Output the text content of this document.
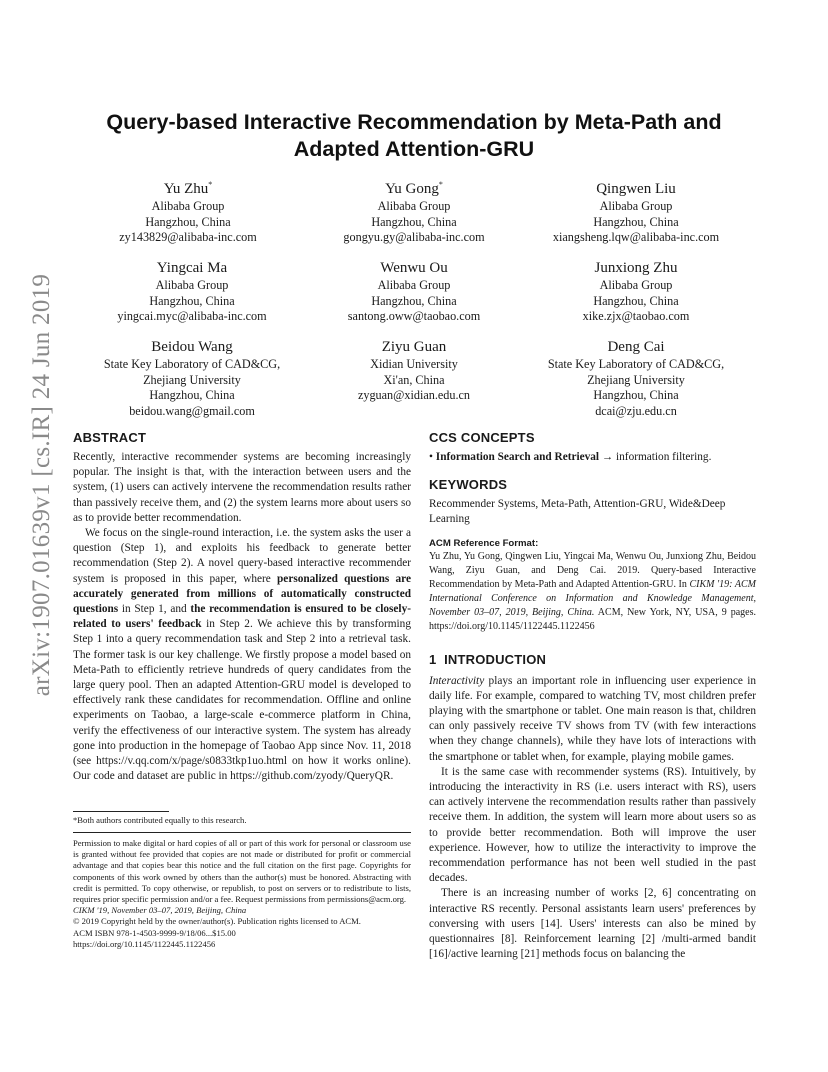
arXiv:1907.01639v1 [cs.IR] 24 Jun 2019
Query-based Interactive Recommendation by Meta-Path and Adapted Attention-GRU
Yu Zhu*
Alibaba Group
Hangzhou, China
zy143829@alibaba-inc.com
Yu Gong*
Alibaba Group
Hangzhou, China
gongyu.gy@alibaba-inc.com
Qingwen Liu
Alibaba Group
Hangzhou, China
xiangsheng.lqw@alibaba-inc.com
Yingcai Ma
Alibaba Group
Hangzhou, China
yingcai.myc@alibaba-inc.com
Wenwu Ou
Alibaba Group
Hangzhou, China
santong.oww@taobao.com
Junxiong Zhu
Alibaba Group
Hangzhou, China
xike.zjx@taobao.com
Beidou Wang
State Key Laboratory of CAD&CG,
Zhejiang University
Hangzhou, China
beidou.wang@gmail.com
Ziyu Guan
Xidian University
Xi'an, China
zyguan@xidian.edu.cn
Deng Cai
State Key Laboratory of CAD&CG,
Zhejiang University
Hangzhou, China
dcai@zju.edu.cn
ABSTRACT

Recently, interactive recommender systems are becoming increasingly popular. The insight is that, with the interaction between users and the system, (1) users can actively intervene the recommendation results rather than passively receive them, and (2) the system learns more about users so as to provide better recommendation.

We focus on the single-round interaction, i.e. the system asks the user a question (Step 1), and exploits his feedback to generate better recommendation (Step 2). A novel query-based interactive recommender system is proposed in this paper, where personalized questions are accurately generated from millions of automatically constructed questions in Step 1, and the recommendation is ensured to be closely-related to users' feedback in Step 2. We achieve this by transforming Step 1 into a query recommendation task and Step 2 into a retrieval task. The former task is our key challenge. We firstly propose a model based on Meta-Path to efficiently retrieve hundreds of query candidates from the large query pool. Then an adapted Attention-GRU model is developed to effectively rank these candidates for recommendation. Offline and online experiments on Taobao, a large-scale e-commerce platform in China, verify the effectiveness of our interactive system. The system has already gone into production in the homepage of Taobao App since Nov. 11, 2018 (see https://v.qq.com/x/page/s0833tkp1uo.html on how it works online). Our code and dataset are public in https://github.com/zyody/QueryQR.

*Both authors contributed equally to this research.

Permission to make digital or hard copies of all or part of this work for personal or classroom use is granted without fee provided that copies are not made or distributed for profit or commercial advantage and that copies bear this notice and the full citation on the first page. Copyrights for components of this work owned by others than the author(s) must be honored. Abstracting with credit is permitted. To copy otherwise, or republish, to post on servers or to redistribute to lists, requires prior specific permission and/or a fee. Request permissions from permissions@acm.org.

CIKM '19, November 03–07, 2019, Beijing, China
© 2019 Copyright held by the owner/author(s). Publication rights licensed to ACM.
ACM ISBN 978-1-4503-9999-9/18/06...$15.00
https://doi.org/10.1145/1122445.1122456
CCS CONCEPTS

• Information Search and Retrieval → information filtering.

KEYWORDS

Recommender Systems, Meta-Path, Attention-GRU, Wide&Deep Learning

ACM Reference Format:

Yu Zhu, Yu Gong, Qingwen Liu, Yingcai Ma, Wenwu Ou, Junxiong Zhu, Beidou Wang, Ziyu Guan, and Deng Cai. 2019. Query-based Interactive Recommendation by Meta-Path and Adapted Attention-GRU. In CIKM '19: ACM International Conference on Information and Knowledge Management, November 03–07, 2019, Beijing, China. ACM, New York, NY, USA, 9 pages. https://doi.org/10.1145/1122445.1122456

1 INTRODUCTION

Interactivity plays an important role in influencing user experience in daily life. For example, compared to watching TV, most children prefer playing with the smartphone or tablet. One main reason is that, children can only passively receive TV shows from TV (with few interactions when they change channels), while they have lots of interactions with the smartphone or tablet when, for example, playing mobile games.

It is the same case with recommender systems (RS). Intuitively, by introducing the interactivity in RS (i.e. users interact with RS), users can actively intervene the recommendation results rather than passively receive them. In addition, the system will learn more about users so as to provide better recommendation. Both will improve the user experience. However, how to utilize the interactivity to improve the recommendation performance has not been well studied in the past decades.

There is an increasing number of works [2, 6] concentrating on interactive RS recently. Personal assistants learn users' preferences by conversing with users [14]. Users' interests can also be mined by questionnaires [8]. Reinforcement learning [2] /multi-armed bandit [16]/active learning [21] methods focus on balancing the
